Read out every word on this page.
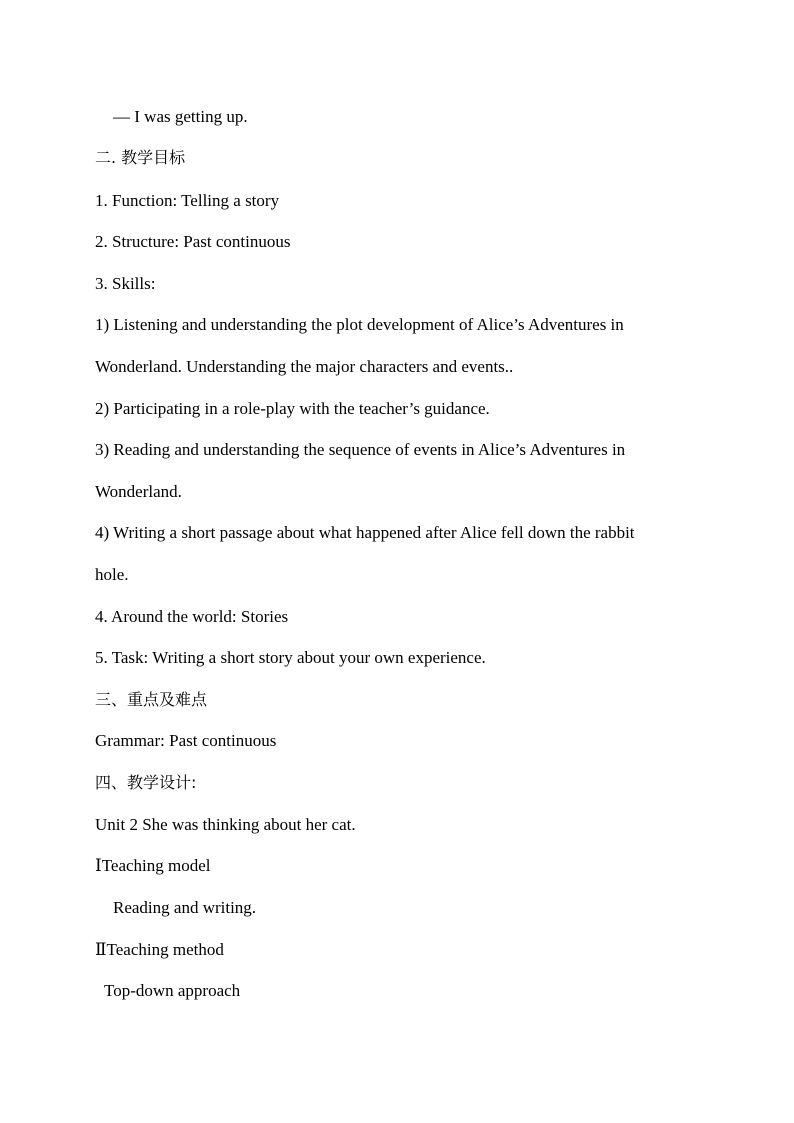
— I was getting up.
二. 教学目标
1. Function: Telling a story
2. Structure: Past continuous
3. Skills:
1) Listening and understanding the plot development of Alice’s Adventures in
Wonderland. Understanding the major characters and events..
2) Participating in a role-play with the teacher’s guidance.
3) Reading and understanding the sequence of events in Alice’s Adventures in
Wonderland.
4) Writing a short passage about what happened after Alice fell down the rabbit
hole.
4. Around the world: Stories
5. Task: Writing a short story about your own experience.
三、重点及难点
Grammar: Past continuous
四、教学设计:
Unit 2 She was thinking about her cat.
ⅠTeaching model
Reading and writing.
ⅡTeaching method
Top-down approach
